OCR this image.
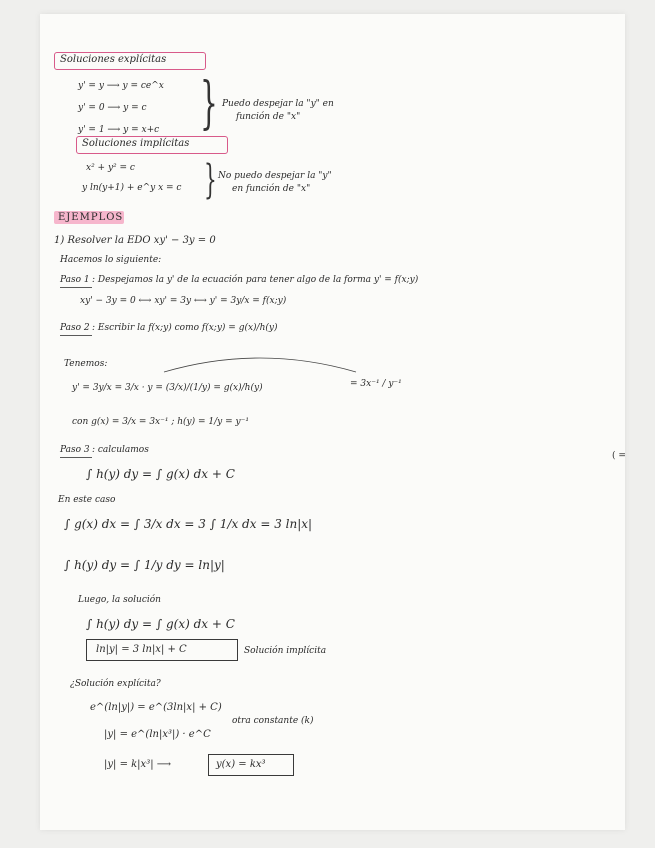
Soluciones explícitas
y' = y ⟶ y = ce^x
y' = 0 ⟶ y = c
y' = 1 ⟶ y = x+c } Puedo despejar la "y" en
función de "x"
Soluciones implícitas
x² + y² = c
y ln(y+1) + e^y x = c } No puedo despejar la "y"
en función de "x"
EJEMPLOS
1) Resolver la EDO xy' − 3y = 0
Hacemos lo siguiente:
Paso 1 : Despejamos la y' de la ecuación para tener algo de la forma y' = f(x;y)
xy' − 3y = 0 ⟷ xy' = 3y ⟷ y' = 3y/x = f(x;y)
Paso 2 : Escribir la f(x;y) como f(x;y) = g(x)/h(y)
Tenemos:
y' = 3y/x = 3/x · y = (3/x)/(1/y) = g(x)/h(y)	= 3x⁻¹ / y⁻¹
con g(x) = 3/x = 3x⁻¹ ; h(y) = 1/y = y⁻¹
Paso 3 : calculamos
∫ h(y) dy = ∫ g(x) dx + C
En este caso
∫ g(x) dx = ∫ 3/x dx = 3 ∫ 1/x dx = 3 ln|x|
∫ h(y) dy = ∫ 1/y dy = ln|y|
Luego, la solución
∫ h(y) dy = ∫ g(x) dx + C
ln|y| = 3 ln|x| + C	Solución implícita
¿Solución explícita?
e^(ln|y|) = e^(3ln|x| + C)
|y| = e^(ln|x³|) · e^C
otra constante (k)
|y| = k|x³| ⟶	y(x) = kx³
( =
